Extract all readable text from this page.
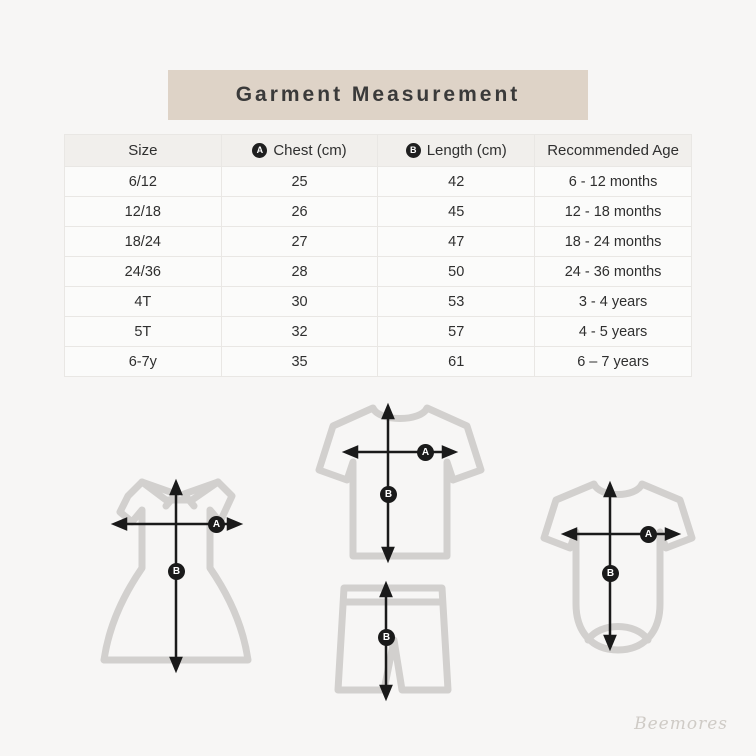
Garment Measurement
Size	A Chest (cm)	B Length (cm)	Recommended Age

6/12	25	42	6 - 12 months
12/18	26	45	12 - 18 months
18/24	27	47	18 - 24 months
24/36	28	50	24 - 36 months
4T	30	53	3 - 4 years
5T	32	57	4 - 5 years
6-7y	35	61	6 – 7 years
A
B
A
B
B
A
B
Beemores
